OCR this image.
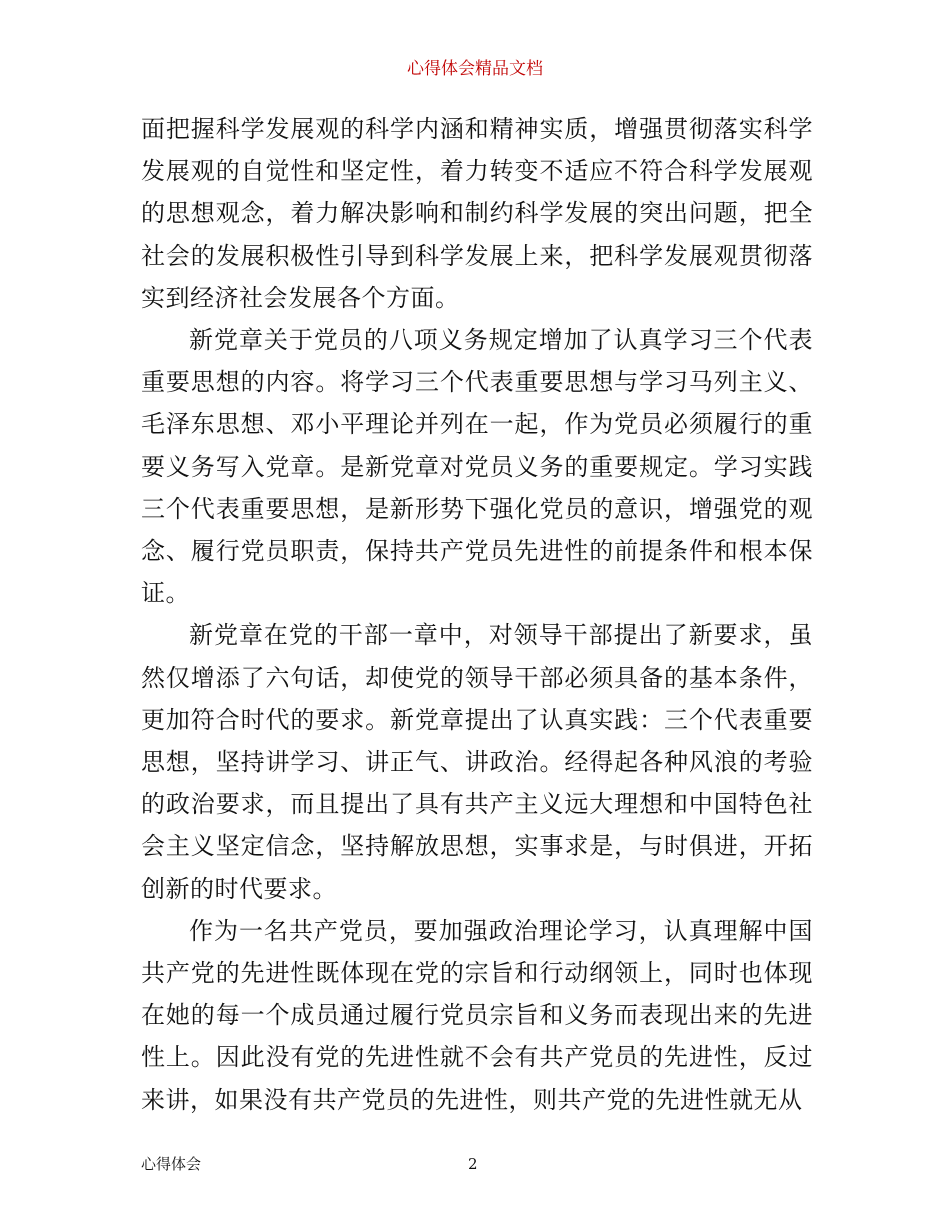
心得体会精品文档

面把握科学发展观的科学内涵和精神实质，增强贯彻落实科学发展观的自觉性和坚定性，着力转变不适应不符合科学发展观的思想观念，着力解决影响和制约科学发展的突出问题，把全社会的发展积极性引导到科学发展上来，把科学发展观贯彻落实到经济社会发展各个方面。

新党章关于党员的八项义务规定增加了认真学习三个代表重要思想的内容。将学习三个代表重要思想与学习马列主义、毛泽东思想、邓小平理论并列在一起，作为党员必须履行的重要义务写入党章。是新党章对党员义务的重要规定。学习实践三个代表重要思想，是新形势下强化党员的意识，增强党的观念、履行党员职责，保持共产党员先进性的前提条件和根本保证。

新党章在党的干部一章中，对领导干部提出了新要求，虽然仅增添了六句话，却使党的领导干部必须具备的基本条件，更加符合时代的要求。新党章提出了认真实践：三个代表重要思想，坚持讲学习、讲正气、讲政治。经得起各种风浪的考验的政治要求，而且提出了具有共产主义远大理想和中国特色社会主义坚定信念，坚持解放思想，实事求是，与时俱进，开拓创新的时代要求。

作为一名共产党员，要加强政治理论学习，认真理解中国共产党的先进性既体现在党的宗旨和行动纲领上，同时也体现在她的每一个成员通过履行党员宗旨和义务而表现出来的先进性上。因此没有党的先进性就不会有共产党员的先进性，反过来讲，如果没有共产党员的先进性，则共产党的先进性就无从

心得体会	2
